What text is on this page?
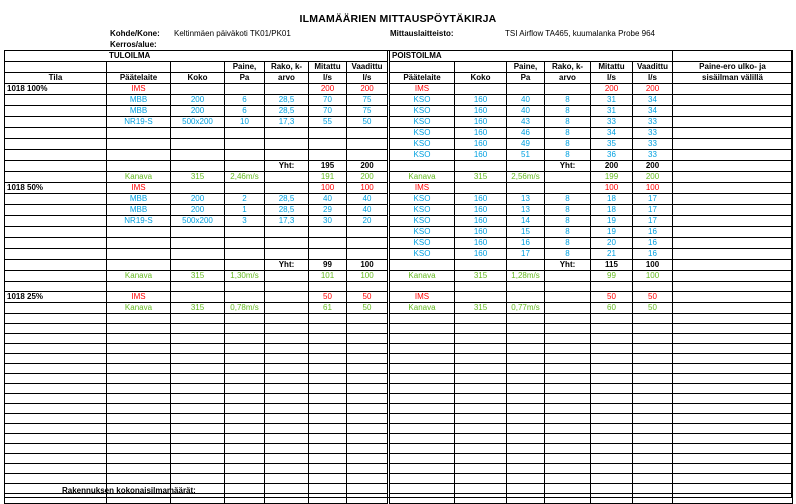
ILMAMÄÄRIEN MITTAUSPÖYTÄKIRJA
Kohde/Kone: Keltinmäen päiväkoti TK01/PK01
Kerros/alue:
Mittauslaitteisto:	TSI Airflow TA465, kuumalanka Probe 964
	TULOILMA						POISTOILMA						
			Paine,	Rako, k-	Mitattu	Vaadittu			Paine,	Rako, k-	Mitattu	Vaadittu	Paine-ero ulko- ja
Tila	Päätelaite	Koko	Pa	arvo	l/s	l/s	Päätelaite	Koko	Pa	arvo	l/s	l/s	sisäilman välillä
1018 100%	IMS				200	200	IMS				200	200	
	MBB	200	6	28,5	70	75	KSO	160	40	8	31	34	
	MBB	200	6	28,5	70	75	KSO	160	40	8	31	34	
	NR19-S	500x200	10	17,3	55	50	KSO	160	43	8	33	33	
							KSO	160	46	8	34	33	
							KSO	160	49	8	35	33	
							KSO	160	51	8	36	33	
				Yht:	195	200				Yht:	200	200	
	Kanava	315	2,46m/s		191	200	Kanava	315	2,56m/s		199	200	
1018 50%	IMS				100	100	IMS				100	100	
	MBB	200	2	28,5	40	40	KSO	160	13	8	18	17	
	MBB	200	1	28,5	29	40	KSO	160	13	8	18	17	
	NR19-S	500x200	3	17,3	30	20	KSO	160	14	8	19	17	
							KSO	160	15	8	19	16	
							KSO	160	16	8	20	16	
							KSO	160	17	8	21	16	
				Yht:	99	100				Yht:	115	100	
	Kanava	315	1,30m/s		101	100	Kanava	315	1,28m/s		99	100	

1018 25%	IMS				50	50	IMS				50	50	
	Kanava	315	0,78m/s		61	50	Kanava	315	0,77m/s		60	50	

Rakennuksen kokonaisilmamäärät:
